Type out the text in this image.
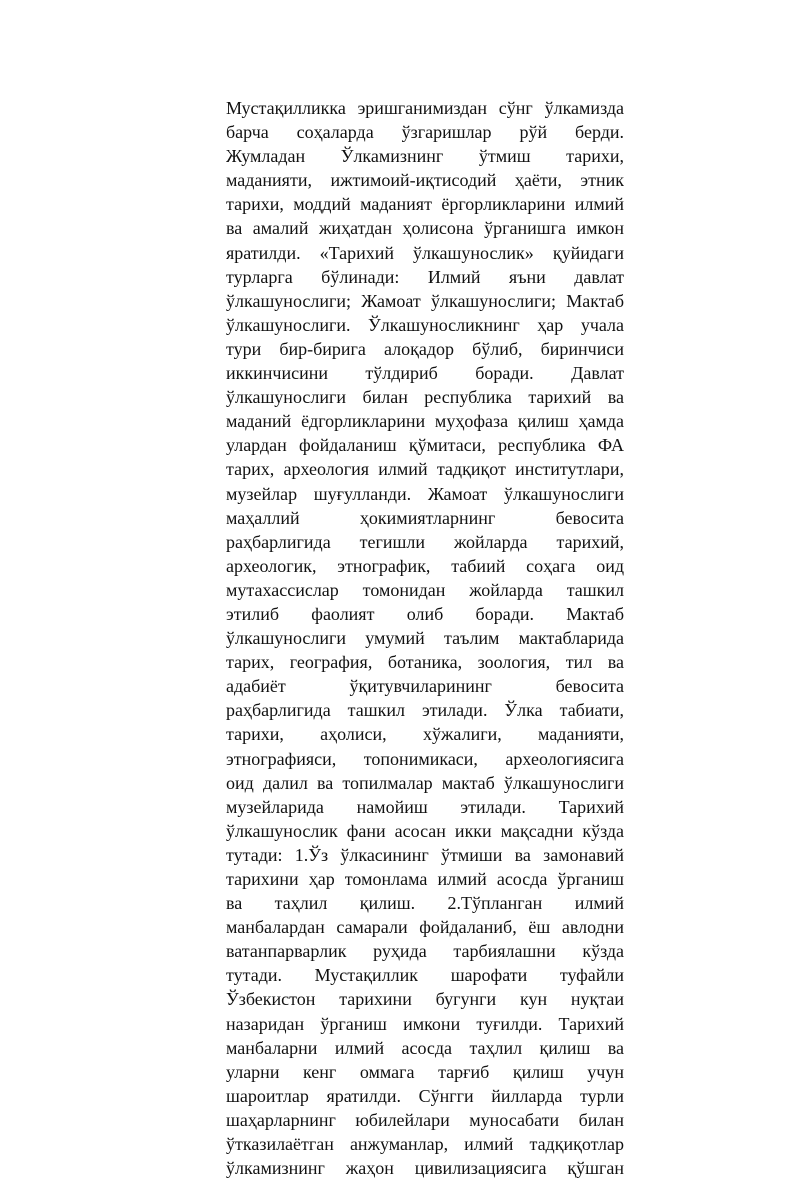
Мустақилликка эришганимиздан сўнг ўлкамизда
барча соҳаларда ўзгаришлар рўй берди.
Жумладан Ўлкамизнинг ўтмиш тарихи,
маданияти, ижтимоий-иқтисодий ҳаёти, этник
тарихи, моддий маданият ёргорликларини илмий
ва амалий жиҳатдан ҳолисона ўрганишга имкон
яратилди. «Тарихий ўлкашунослик» қуйидаги
турларга бўлинади: Илмий яъни давлат
ўлкашунослиги; Жамоат ўлкашунослиги; Мактаб
ўлкашунослиги. Ўлкашуносликнинг ҳар учала
тури бир-бирига алоқадор бўлиб, биринчиси
иккинчисини тўлдириб боради. Давлат
ўлкашунослиги билан республика тарихий ва
маданий ёдгорликларини муҳофаза қилиш ҳамда
улардан фойдаланиш қўмитаси, республика ФА
тарих, археология илмий тадқиқот институтлари,
музейлар шуғулланди. Жамоат ўлкашунослиги
маҳаллий ҳокимиятларнинг бевосита
раҳбарлигида тегишли жойларда тарихий,
археологик, этнографик, табиий соҳага оид
мутахассислар томонидан жойларда ташкил
этилиб фаолият олиб боради. Мактаб
ўлкашунослиги умумий таълим мактабларида
тарих, география, ботаника, зоология, тил ва
адабиёт ўқитувчиларининг бевосита
раҳбарлигида ташкил этилади. Ўлка табиати,
тарихи, аҳолиси, хўжалиги, маданияти,
этнографияси, топонимикаси, археологиясига
оид далил ва топилмалар мактаб ўлкашунослиги
музейларида намойиш этилади. Тарихий
ўлкашунослик фани асосан икки мақсадни кўзда
тутади: 1.Ўз ўлкасининг ўтмиши ва замонавий
тарихини ҳар томонлама илмий асосда ўрганиш
ва таҳлил қилиш. 2.Тўпланган илмий
манбалардан самарали фойдаланиб, ёш авлодни
ватанпарварлик руҳида тарбиялашни кўзда
тутади. Мустақиллик шарофати туфайли
Ўзбекистон тарихини бугунги кун нуқтаи
назаридан ўрганиш имкони туғилди. Тарихий
манбаларни илмий асосда таҳлил қилиш ва
уларни кенг оммага тарғиб қилиш учун
шароитлар яратилди. Сўнгги йилларда турли
шаҳарларнинг юбилейлари муносабати билан
ўтказилаётган анжуманлар, илмий тадқиқотлар
ўлкамизнинг жаҳон цивилизациясига қўшган
